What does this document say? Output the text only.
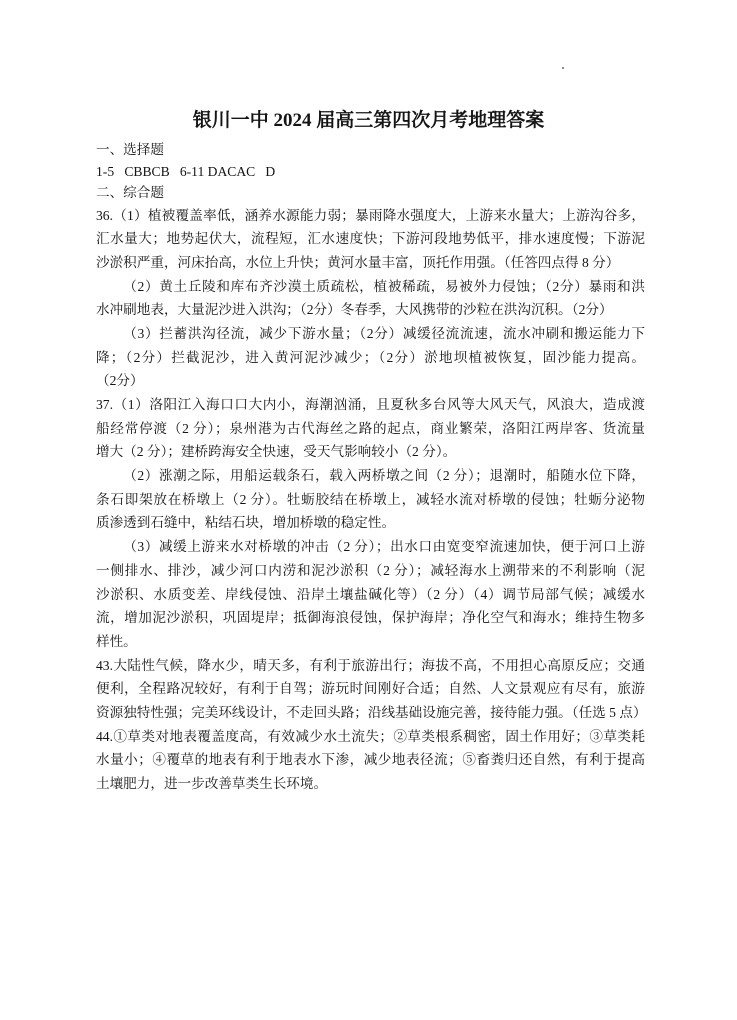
银川一中 2024 届高三第四次月考地理答案
一、选择题
1-5   CBBCB   6-11 DACAC   D
二、综合题
36.（1）植被覆盖率低，涵养水源能力弱；暴雨降水强度大，上游来水量大；上游沟谷多，
汇水量大；地势起伏大，流程短，汇水速度快；下游河段地势低平，排水速度慢；下游泥
沙淤积严重，河床抬高，水位上升快；黄河水量丰富，顶托作用强。（任答四点得 8 分）
（2）黄土丘陵和库布齐沙漠土质疏松，植被稀疏，易被外力侵蚀；（2分）暴雨和洪
水冲刷地表，大量泥沙进入洪沟；（2分）冬春季，大风携带的沙粒在洪沟沉积。（2分）
（3）拦蓄洪沟径流，减少下游水量；（2分）减缓径流流速，流水冲刷和搬运能力下
降；（2分）拦截泥沙，进入黄河泥沙减少；（2分）淤地坝植被恢复，固沙能力提高。
（2分）
37.（1）洛阳江入海口口大内小，海潮汹涌，且夏秋多台风等大风天气，风浪大，造成渡
船经常停渡（2 分）；泉州港为古代海丝之路的起点，商业繁荣，洛阳江两岸客、货流量
增大（2 分）；建桥跨海安全快速，受天气影响较小（2 分）。
（2）涨潮之际，用船运载条石，载入两桥墩之间（2 分）；退潮时，船随水位下降，
条石即架放在桥墩上（2 分）。牡蛎胶结在桥墩上，减轻水流对桥墩的侵蚀；牡蛎分泌物
质渗透到石缝中，粘结石块，增加桥墩的稳定性。
（3）减缓上游来水对桥墩的冲击（2 分）；出水口由宽变窄流速加快，便于河口上游
一侧排水、排沙，减少河口内涝和泥沙淤积（2 分）；减轻海水上溯带来的不利影响（泥
沙淤积、水质变差、岸线侵蚀、沿岸土壤盐碱化等）（2 分）（4）调节局部气候；减缓水
流，增加泥沙淤积，巩固堤岸；抵御海浪侵蚀，保护海岸；净化空气和海水；维持生物多
样性。
43.大陆性气候，降水少，晴天多，有利于旅游出行；海拔不高，不用担心高原反应；交通
便利，全程路况较好，有利于自驾；游玩时间刚好合适；自然、人文景观应有尽有，旅游
资源独特性强；完美环线设计，不走回头路；沿线基础设施完善，接待能力强。（任选 5 点）
44.①草类对地表覆盖度高，有效减少水土流失；②草类根系稠密，固土作用好；③草类耗
水量小；④覆草的地表有利于地表水下渗，减少地表径流；⑤畜粪归还自然，有利于提高
土壤肥力，进一步改善草类生长环境。
